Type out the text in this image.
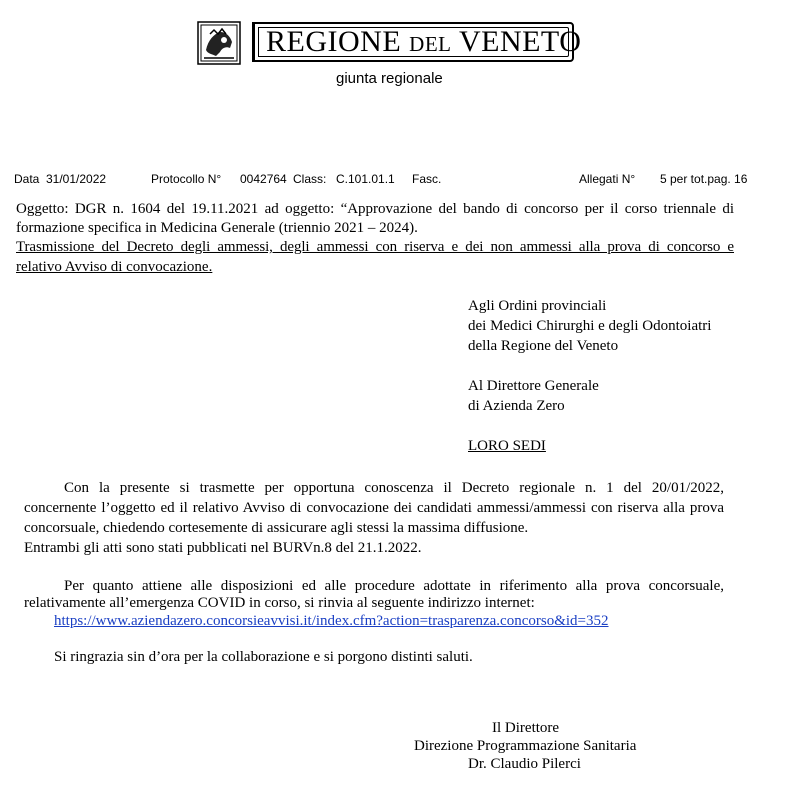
REGIONE DEL VENETO
giunta regionale
Data 31/01/2022	Protocollo N° 0042764 Class: C.101.01.1 Fasc.	Allegati N° 5 per tot.pag. 16
Oggetto: DGR n. 1604 del 19.11.2021 ad oggetto: “Approvazione del bando di concorso per il corso triennale di
formazione specifica in Medicina Generale (triennio 2021 – 2024).
Trasmissione del Decreto degli ammessi, degli ammessi con riserva e dei non ammessi alla prova di concorso e
relativo Avviso di convocazione.
Agli Ordini provinciali
dei Medici Chirurghi e degli Odontoiatri
della Regione del Veneto
Al Direttore Generale
di Azienda Zero
LORO SEDI
Con la presente si trasmette per opportuna conoscenza il Decreto regionale n. 1 del 20/01/2022,
concernente l’oggetto ed il relativo Avviso di convocazione dei candidati ammessi/ammessi con riserva alla prova
concorsuale, chiedendo cortesemente di assicurare agli stessi la massima diffusione.
Entrambi gli atti sono stati pubblicati nel BURVn.8 del 21.1.2022.
Per quanto attiene alle disposizioni ed alle procedure adottate in riferimento alla prova concorsuale,
relativamente all’emergenza COVID in corso, si rinvia al seguente indirizzo internet:
https://www.aziendazero.concorsieavvisi.it/index.cfm?action=trasparenza.concorso&id=352
Si ringrazia sin d’ora per la collaborazione e si porgono distinti saluti.
Il Direttore
Direzione Programmazione Sanitaria
Dr. Claudio Pilerci
